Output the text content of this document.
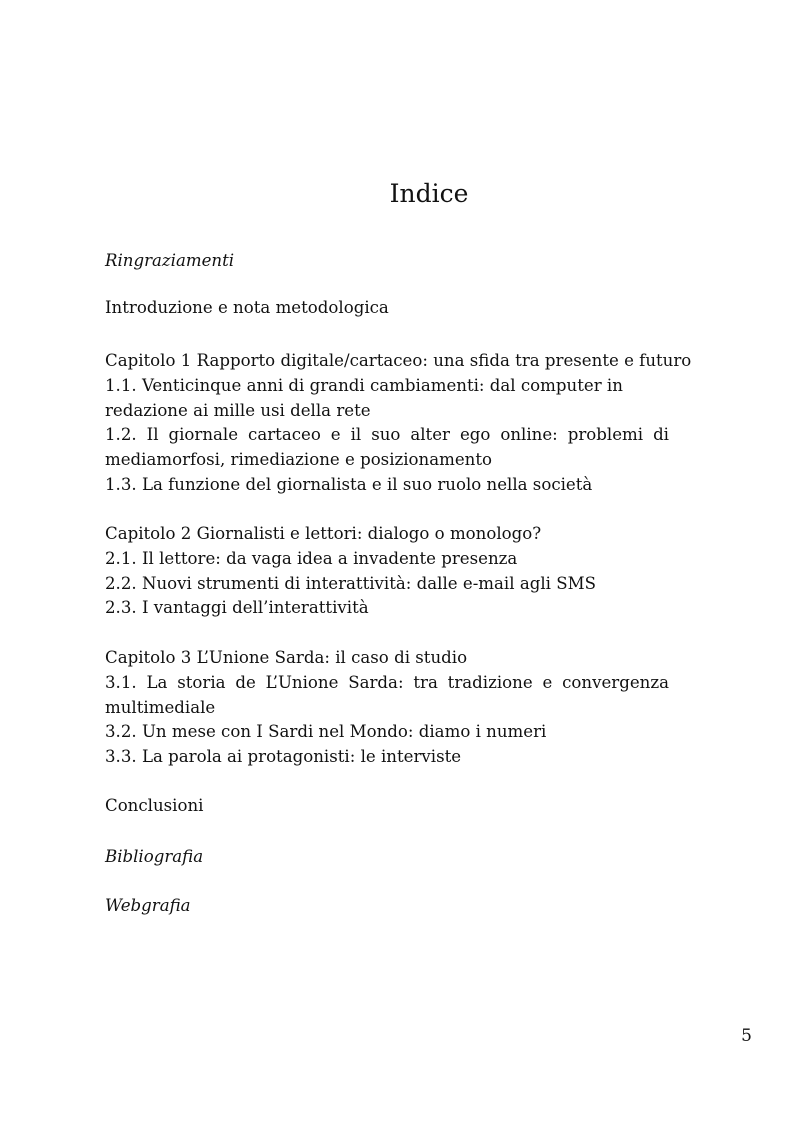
Indice
Ringraziamenti
Introduzione e nota metodologica
Capitolo 1 Rapporto digitale/cartaceo: una sfida tra presente e futuro
1.1. Venticinque anni di grandi cambiamenti: dal computer in
redazione ai mille usi della rete
1.2. Il giornale cartaceo e il suo alter ego online: problemi di
mediamorfosi, rimediazione e posizionamento
1.3. La funzione del giornalista e il suo ruolo nella società
Capitolo 2 Giornalisti e lettori: dialogo o monologo?
2.1. Il lettore: da vaga idea a invadente presenza
2.2. Nuovi strumenti di interattività: dalle e-mail agli SMS
2.3. I vantaggi dell’interattività
Capitolo 3 L’Unione Sarda: il caso di studio
3.1. La storia de L’Unione Sarda: tra tradizione e convergenza
multimediale
3.2. Un mese con I Sardi nel Mondo: diamo i numeri
3.3. La parola ai protagonisti: le interviste
Conclusioni
Bibliografia
Webgrafia
5
